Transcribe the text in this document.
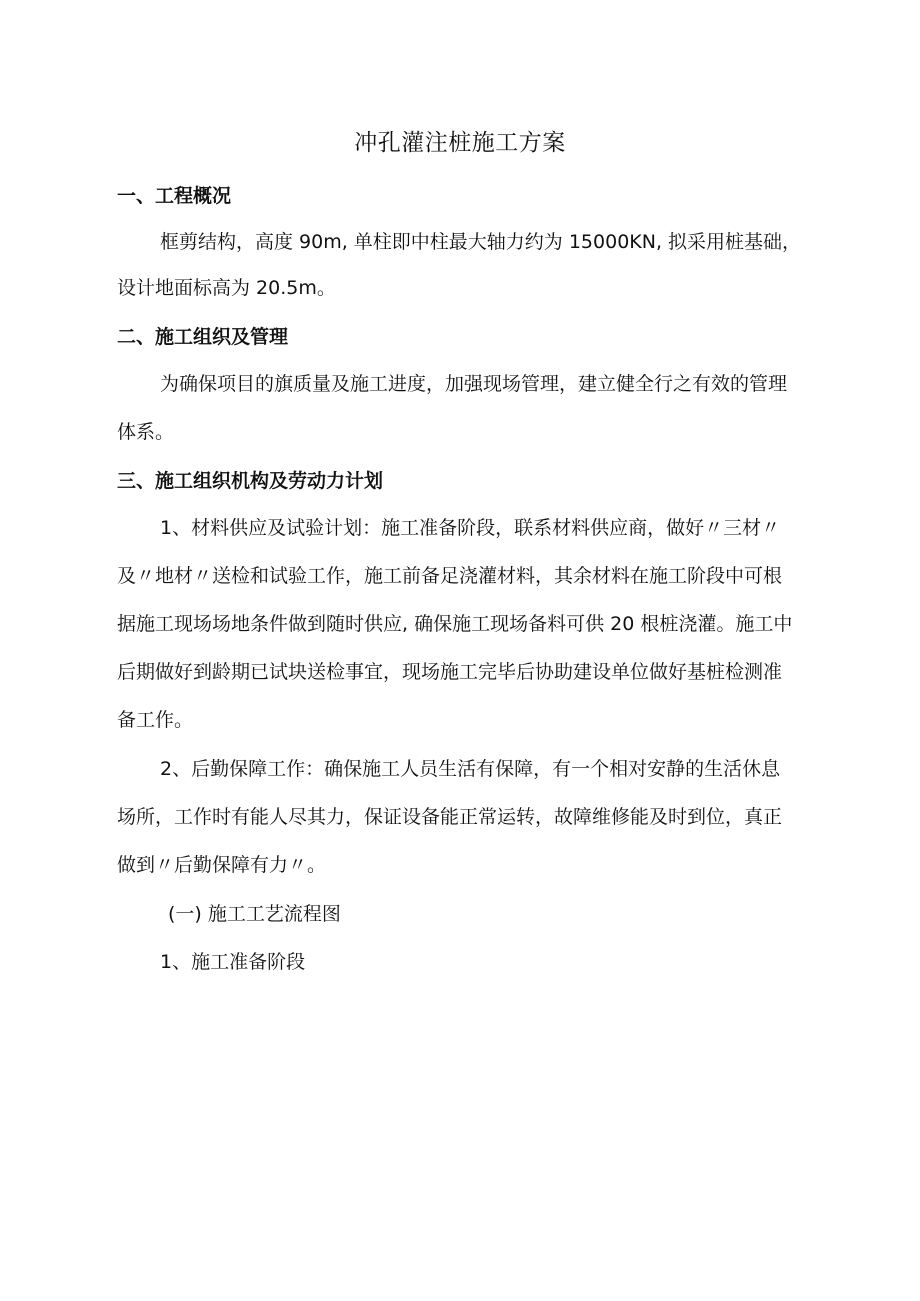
冲孔灌注桩施工方案
一、工程概况
框剪结构，高度 90m, 单柱即中柱最大轴力约为 15000KN, 拟采用桩基础，
设计地面标高为 20.5m。
二、施工组织及管理
为确保项目的旗质量及施工进度，加强现场管理，建立健全行之有效的管理
体系。
三、施工组织机构及劳动力计划
1、材料供应及试验计划：施工准备阶段，联系材料供应商，做好〃三材〃
及〃地材〃送检和试验工作，施工前备足浇灌材料，其余材料在施工阶段中可根
据施工现场场地条件做到随时供应, 确保施工现场备料可供 20 根桩浇灌。施工中
后期做好到龄期已试块送检事宜，现场施工完毕后协助建设单位做好基桩检测准
备工作。
2、后勤保障工作：确保施工人员生活有保障，有一个相对安静的生活休息
场所，工作时有能人尽其力，保证设备能正常运转，故障维修能及时到位，真正
做到〃后勤保障有力〃。
(一) 施工工艺流程图
1、施工准备阶段
